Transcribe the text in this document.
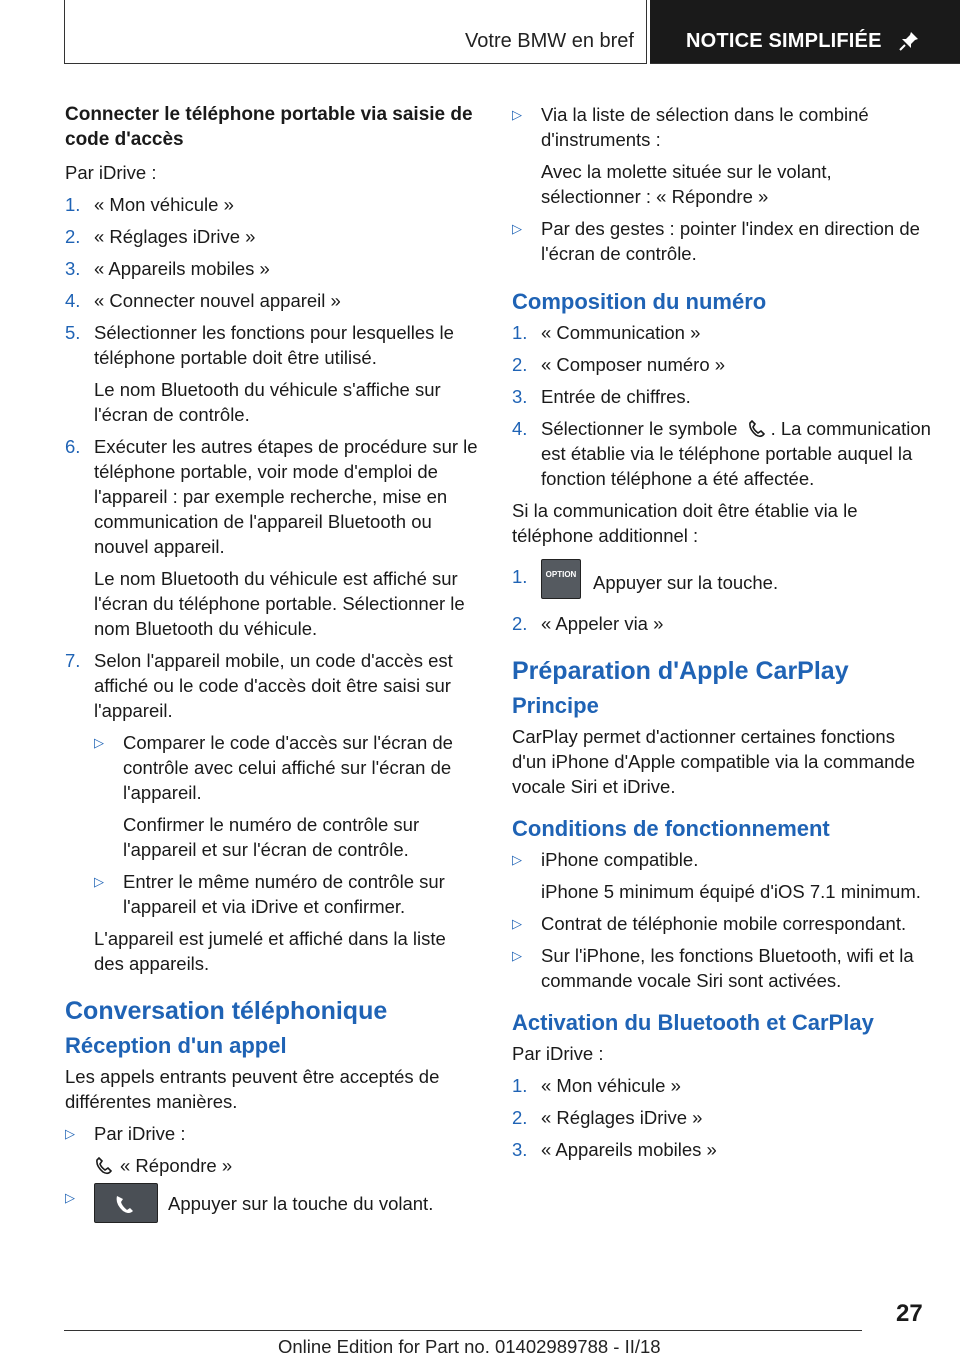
Votre BMW en bref	NOTICE SIMPLIFIÉE
Connecter le téléphone portable via saisie de code d'accès

Par iDrive :

1. « Mon véhicule »
2. « Réglages iDrive »
3. « Appareils mobiles »
4. « Connecter nouvel appareil »
5. Sélectionner les fonctions pour lesquelles le téléphone portable doit être utilisé.
Le nom Bluetooth du véhicule s'affiche sur l'écran de contrôle.
6. Exécuter les autres étapes de procédure sur le téléphone portable, voir mode d'emploi de l'appareil : par exemple recherche, mise en communication de l'appareil Bluetooth ou nouvel appareil.
Le nom Bluetooth du véhicule est affiché sur l'écran du téléphone portable. Sélectionner le nom Bluetooth du véhicule.
7. Selon l'appareil mobile, un code d'accès est affiché ou le code d'accès doit être saisi sur l'appareil.
▷ Comparer le code d'accès sur l'écran de contrôle avec celui affiché sur l'écran de l'appareil.
Confirmer le numéro de contrôle sur l'appareil et sur l'écran de contrôle.
▷ Entrer le même numéro de contrôle sur l'appareil et via iDrive et confirmer.
L'appareil est jumelé et affiché dans la liste des appareils.
Conversation téléphonique
Réception d'un appel

Les appels entrants peuvent être acceptés de différentes manières.

▷ Par iDrive :
« Répondre »
▷	Appuyer sur la touche du volant.
▷ Via la liste de sélection dans le combiné d'instruments :
Avec la molette située sur le volant, sélectionner : « Répondre »
▷ Par des gestes : pointer l'index en direction de l'écran de contrôle.
Composition du numéro
1. « Communication »
2. « Composer numéro »
3. Entrée de chiffres.
4. Sélectionner le symbole . La communication est établie via le téléphone portable auquel la fonction téléphone a été affectée.

Si la communication doit être établie via le téléphone additionnel :

1. OPTION Appuyer sur la touche.
2. « Appeler via »
Préparation d'Apple CarPlay
Principe

CarPlay permet d'actionner certaines fonctions d'un iPhone d'Apple compatible via la commande vocale Siri et iDrive.

Conditions de fonctionnement
▷ iPhone compatible.
iPhone 5 minimum équipé d'iOS 7.1 minimum.
▷ Contrat de téléphonie mobile correspondant.
▷ Sur l'iPhone, les fonctions Bluetooth, wifi et la commande vocale Siri sont activées.
Activation du Bluetooth et CarPlay

Par iDrive :

1. « Mon véhicule »
2. « Réglages iDrive »
3. « Appareils mobiles »
27
Online Edition for Part no. 01402989788 - II/18
